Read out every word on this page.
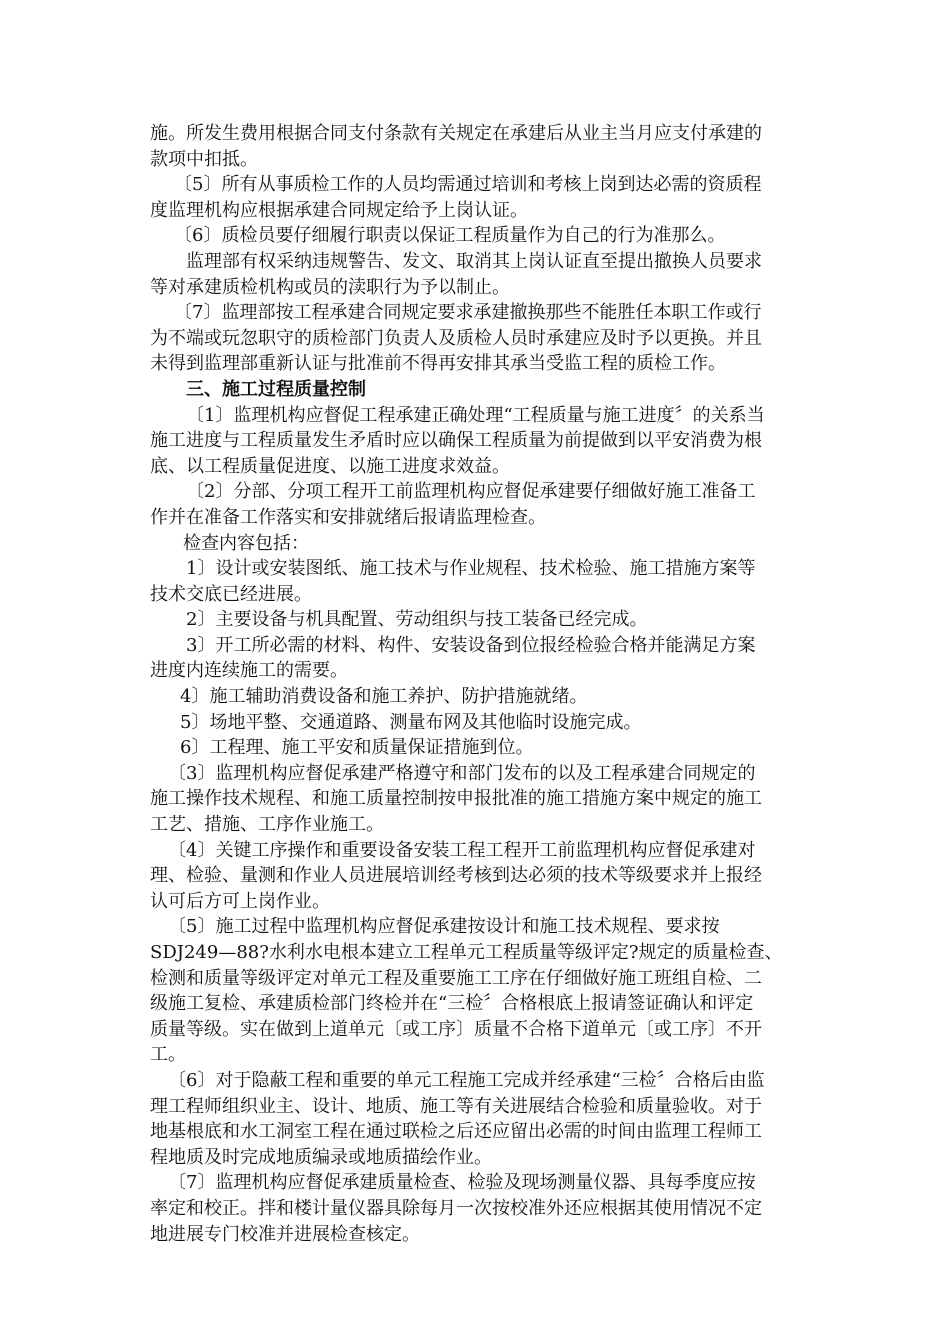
施。所发生费用根据合同支付条款有关规定在承建后从业主当月应支付承建的

款项中扣抵。

〔5〕所有从事质检工作的人员均需通过培训和考核上岗到达必需的资质程

度监理机构应根据承建合同规定给予上岗认证。

〔6〕质检员要仔细履行职责以保证工程质量作为自己的行为准那么。

监理部有权采纳违规警告、发文、取消其上岗认证直至提出撤换人员要求

等对承建质检机构或员的渎职行为予以制止。

〔7〕监理部按工程承建合同规定要求承建撤换那些不能胜任本职工作或行

为不端或玩忽职守的质检部门负责人及质检人员时承建应及时予以更换。并且

未得到监理部重新认证与批准前不得再安排其承当受监工程的质检工作。

三、施工过程质量控制

〔1〕监理机构应督促工程承建正确处理“工程质量与施工进度〞的关系当

施工进度与工程质量发生矛盾时应以确保工程质量为前提做到以平安消费为根

底、以工程质量促进度、以施工进度求效益。

〔2〕分部、分项工程开工前监理机构应督促承建要仔细做好施工准备工

作并在准备工作落实和安排就绪后报请监理检查。

检查内容包括：

1〕设计或安装图纸、施工技术与作业规程、技术检验、施工措施方案等

技术交底已经进展。

2〕主要设备与机具配置、劳动组织与技工装备已经完成。

3〕开工所必需的材料、构件、安装设备到位报经检验合格并能满足方案

进度内连续施工的需要。

4〕施工辅助消费设备和施工养护、防护措施就绪。

5〕场地平整、交通道路、测量布网及其他临时设施完成。

6〕工程理、施工平安和质量保证措施到位。

〔3〕监理机构应督促承建严格遵守和部门发布的以及工程承建合同规定的

施工操作技术规程、和施工质量控制按申报批准的施工措施方案中规定的施工

工艺、措施、工序作业施工。

〔4〕关键工序操作和重要设备安装工程工程开工前监理机构应督促承建对

理、检验、量测和作业人员进展培训经考核到达必须的技术等级要求并上报经

认可后方可上岗作业。

〔5〕施工过程中监理机构应督促承建按设计和施工技术规程、要求按

SDJ249—88?水利水电根本建立工程单元工程质量等级评定?规定的质量检查、

检测和质量等级评定对单元工程及重要施工工序在仔细做好施工班组自检、二

级施工复检、承建质检部门终检并在“三检〞合格根底上报请签证确认和评定

质量等级。实在做到上道单元〔或工序〕质量不合格下道单元〔或工序〕不开

工。

〔6〕对于隐蔽工程和重要的单元工程施工完成并经承建“三检〞合格后由监

理工程师组织业主、设计、地质、施工等有关进展结合检验和质量验收。对于

地基根底和水工洞室工程在通过联检之后还应留出必需的时间由监理工程师工

程地质及时完成地质编录或地质描绘作业。

〔7〕监理机构应督促承建质量检查、检验及现场测量仪器、具每季度应按

率定和校正。拌和楼计量仪器具除每月一次按校准外还应根据其使用情况不定

地进展专门校准并进展检查核定。
